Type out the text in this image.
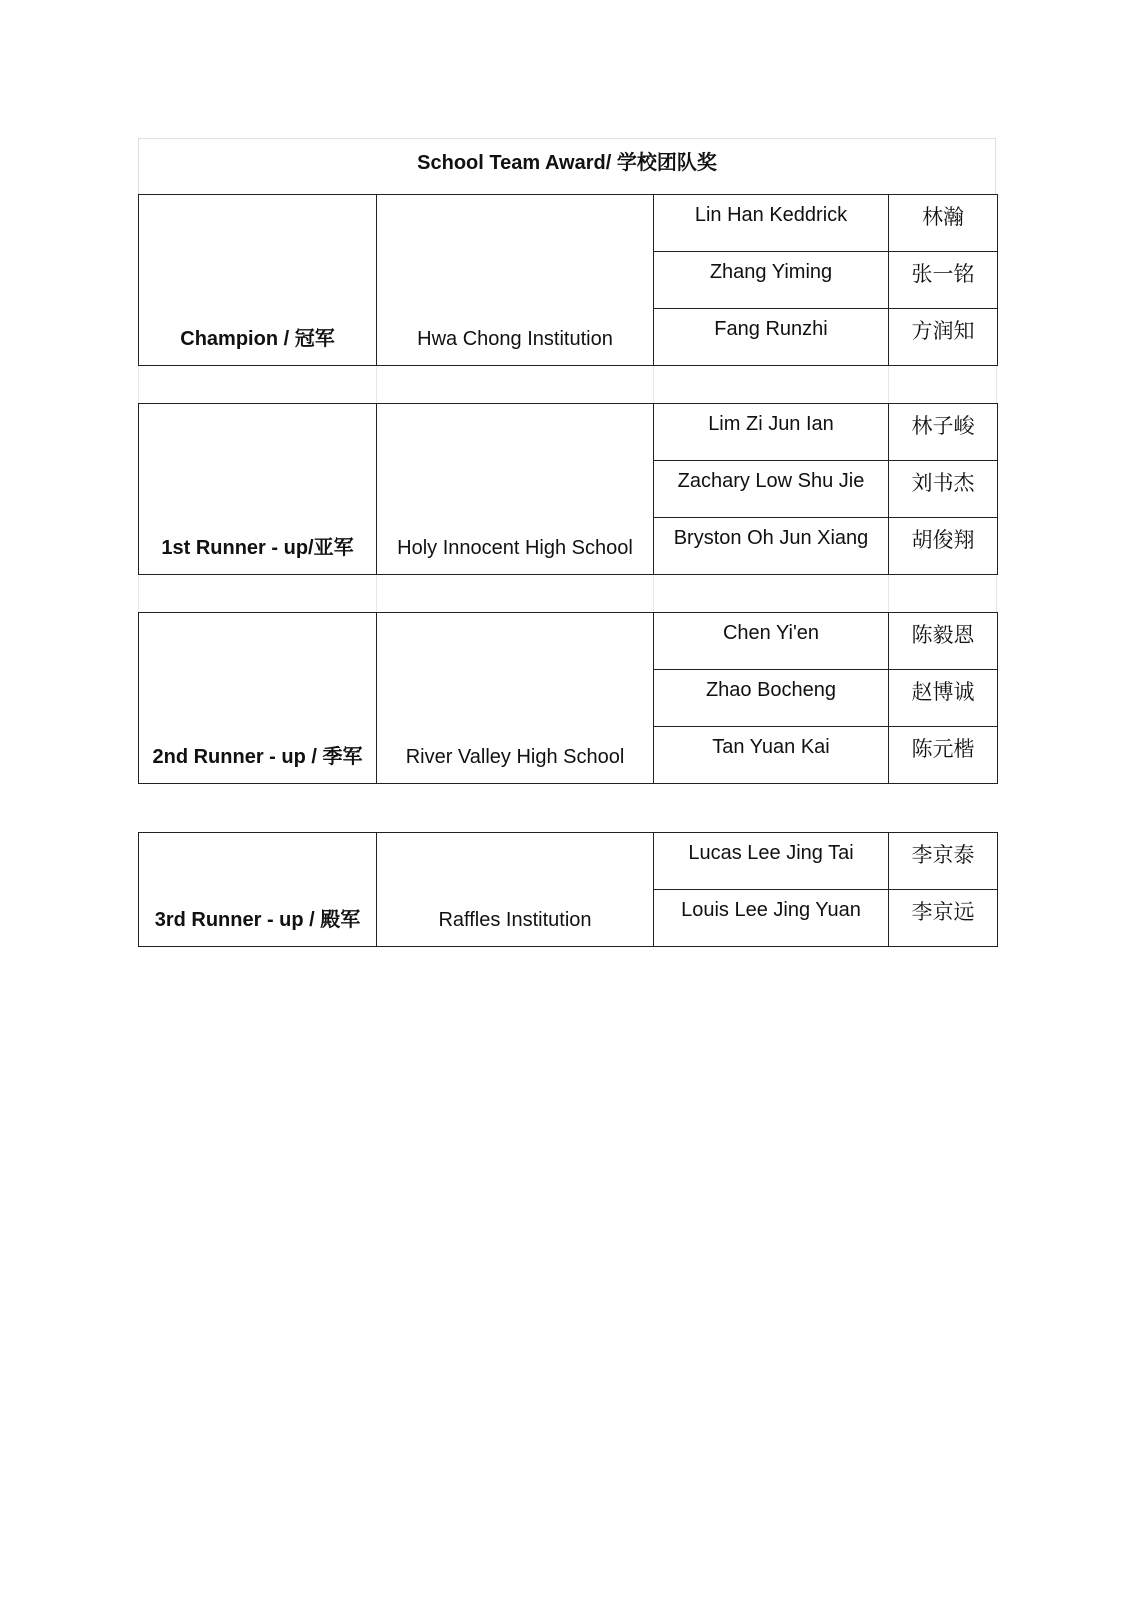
School Team Award/ 学校团队奖
Champion / 冠军	Hwa Chong Institution	Lin Han Keddrick	林瀚
		Zhang Yiming	张一铭
		Fang Runzhi	方润知
1st Runner - up/亚军	Holy Innocent High School	Lim Zi Jun Ian	林子峻
		Zachary Low Shu Jie	刘书杰
		Bryston Oh Jun Xiang	胡俊翔
2nd Runner - up / 季军	River Valley High School	Chen Yi'en	陈毅恩
		Zhao Bocheng	赵博诚
		Tan Yuan Kai	陈元楷
3rd Runner - up / 殿军	Raffles Institution	Lucas Lee Jing Tai	李京泰
		Louis Lee Jing Yuan	李京远
